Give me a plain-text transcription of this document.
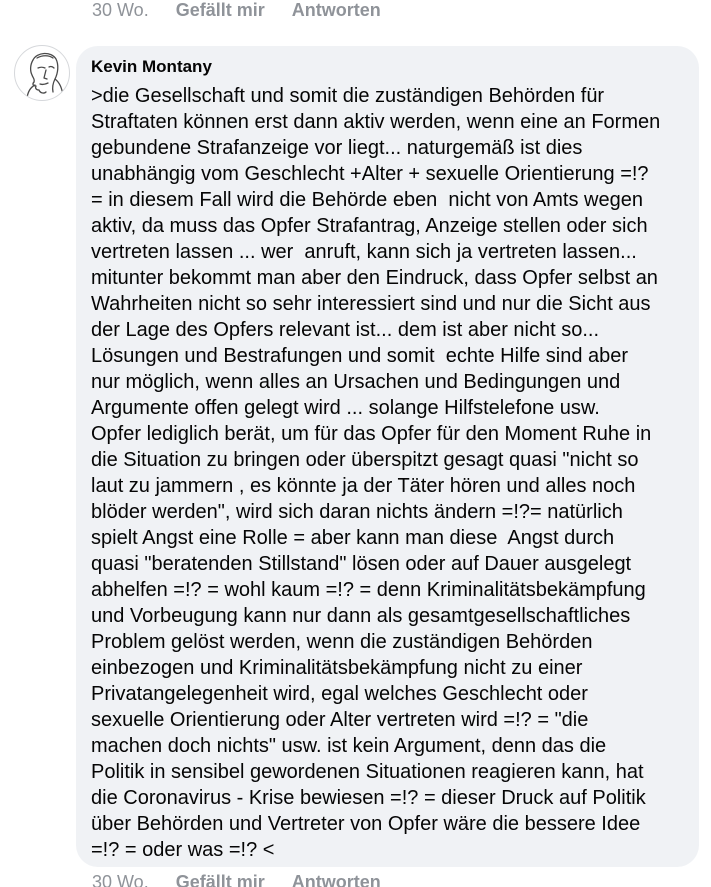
30 Wo. Gefällt mir Antworten
Kevin Montany

>die Gesellschaft und somit die zuständigen Behörden für
Straftaten können erst dann aktiv werden, wenn eine an Formen
gebundene Strafanzeige vor liegt... naturgemäß ist dies
unabhängig vom Geschlecht +Alter + sexuelle Orientierung =!?
= in diesem Fall wird die Behörde eben  nicht von Amts wegen
aktiv, da muss das Opfer Strafantrag, Anzeige stellen oder sich
vertreten lassen ... wer  anruft, kann sich ja vertreten lassen...
mitunter bekommt man aber den Eindruck, dass Opfer selbst an
Wahrheiten nicht so sehr interessiert sind und nur die Sicht aus
der Lage des Opfers relevant ist... dem ist aber nicht so...
Lösungen und Bestrafungen und somit  echte Hilfe sind aber
nur möglich, wenn alles an Ursachen und Bedingungen und
Argumente offen gelegt wird ... solange Hilfstelefone usw.
Opfer lediglich berät, um für das Opfer für den Moment Ruhe in
die Situation zu bringen oder überspitzt gesagt quasi "nicht so
laut zu jammern , es könnte ja der Täter hören und alles noch
blöder werden", wird sich daran nichts ändern =!?= natürlich
spielt Angst eine Rolle = aber kann man diese  Angst durch
quasi "beratenden Stillstand" lösen oder auf Dauer ausgelegt
abhelfen =!? = wohl kaum =!? = denn Kriminalitätsbekämpfung
und Vorbeugung kann nur dann als gesamtgesellschaftliches
Problem gelöst werden, wenn die zuständigen Behörden
einbezogen und Kriminalitätsbekämpfung nicht zu einer
Privatangelegenheit wird, egal welches Geschlecht oder
sexuelle Orientierung oder Alter vertreten wird =!? = "die
machen doch nichts" usw. ist kein Argument, denn das die
Politik in sensibel gewordenen Situationen reagieren kann, hat
die Coronavirus - Krise bewiesen =!? = dieser Druck auf Politik
über Behörden und Vertreter von Opfer wäre die bessere Idee
=!? = oder was =!? <

30 Wo. Gefällt mir Antworten
